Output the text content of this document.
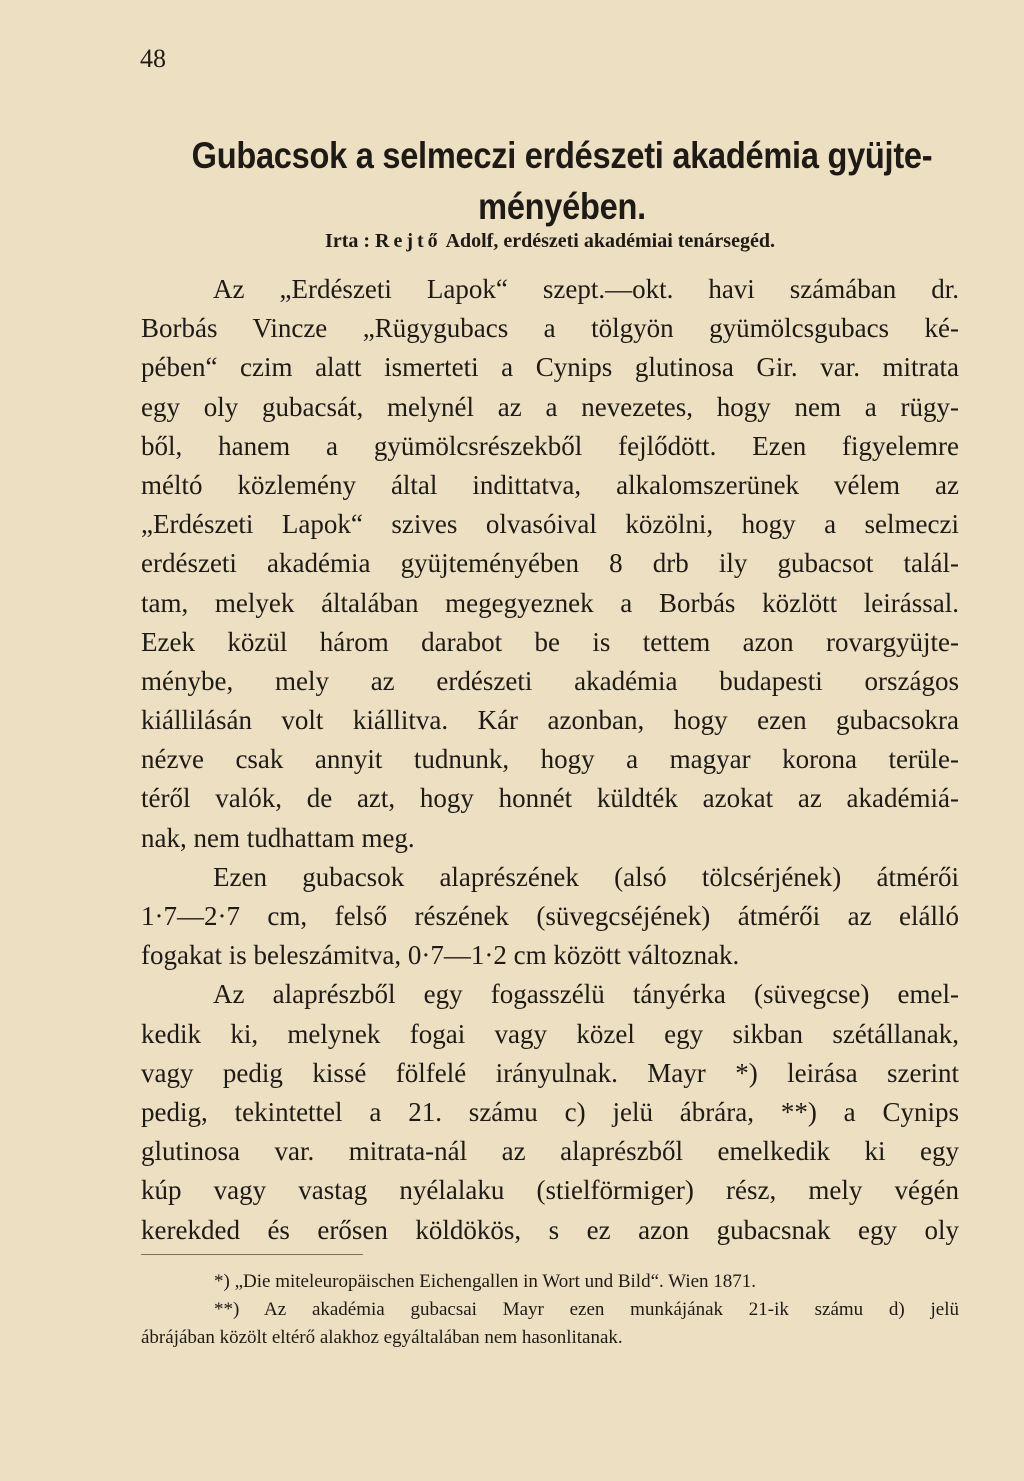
48
Gubacsok a selmeczi erdészeti akadémia gyüjte-
ményében.
Irta : Rejtő Adolf, erdészeti akadémiai tenársegéd.
Az „Erdészeti Lapok“ szept.—okt. havi számában dr.
Borbás Vincze „Rügygubacs a tölgyön gyümölcsgubacs ké-
pében“ czim alatt ismerteti a Cynips glutinosa Gir. var. mitrata
egy oly gubacsát, melynél az a nevezetes, hogy nem a rügy-
ből, hanem a gyümölcsrészekből fejlődött. Ezen figyelemre
méltó közlemény által indittatva, alkalomszerünek vélem az
„Erdészeti Lapok“ szives olvasóival közölni, hogy a selmeczi
erdészeti akadémia gyüjteményében 8 drb ily gubacsot talál-
tam, melyek általában megegyeznek a Borbás közlött leirással.
Ezek közül három darabot be is tettem azon rovargyüjte-
ménybe, mely az erdészeti akadémia budapesti országos
kiállilásán volt kiállitva. Kár azonban, hogy ezen gubacsokra
nézve csak annyit tudnunk, hogy a magyar korona terüle-
téről valók, de azt, hogy honnét küldték azokat az akadémiá-
nak, nem tudhattam meg.
Ezen gubacsok alaprészének (alsó tölcsérjének) átmérői
1·7—2·7 cm, felső részének (süvegcséjének) átmérői az elálló
fogakat is beleszámitva, 0·7—1·2 cm között változnak.
Az alaprészből egy fogasszélü tányérka (süvegcse) emel-
kedik ki, melynek fogai vagy közel egy sikban szétállanak,
vagy pedig kissé fölfelé irányulnak. Mayr *) leirása szerint
pedig, tekintettel a 21. számu c) jelü ábrára, **) a Cynips
glutinosa var. mitrata-nál az alaprészből emelkedik ki egy
kúp vagy vastag nyélalaku (stielförmiger) rész, mely végén
kerekded és erősen köldökös, s ez azon gubacsnak egy oly
*) „Die miteleuropäischen Eichengallen in Wort und Bild“. Wien 1871.
**) Az akadémia gubacsai Mayr ezen munkájának 21-ik számu d) jelü
ábrájában közölt eltérő alakhoz egyáltalában nem hasonlitanak.
